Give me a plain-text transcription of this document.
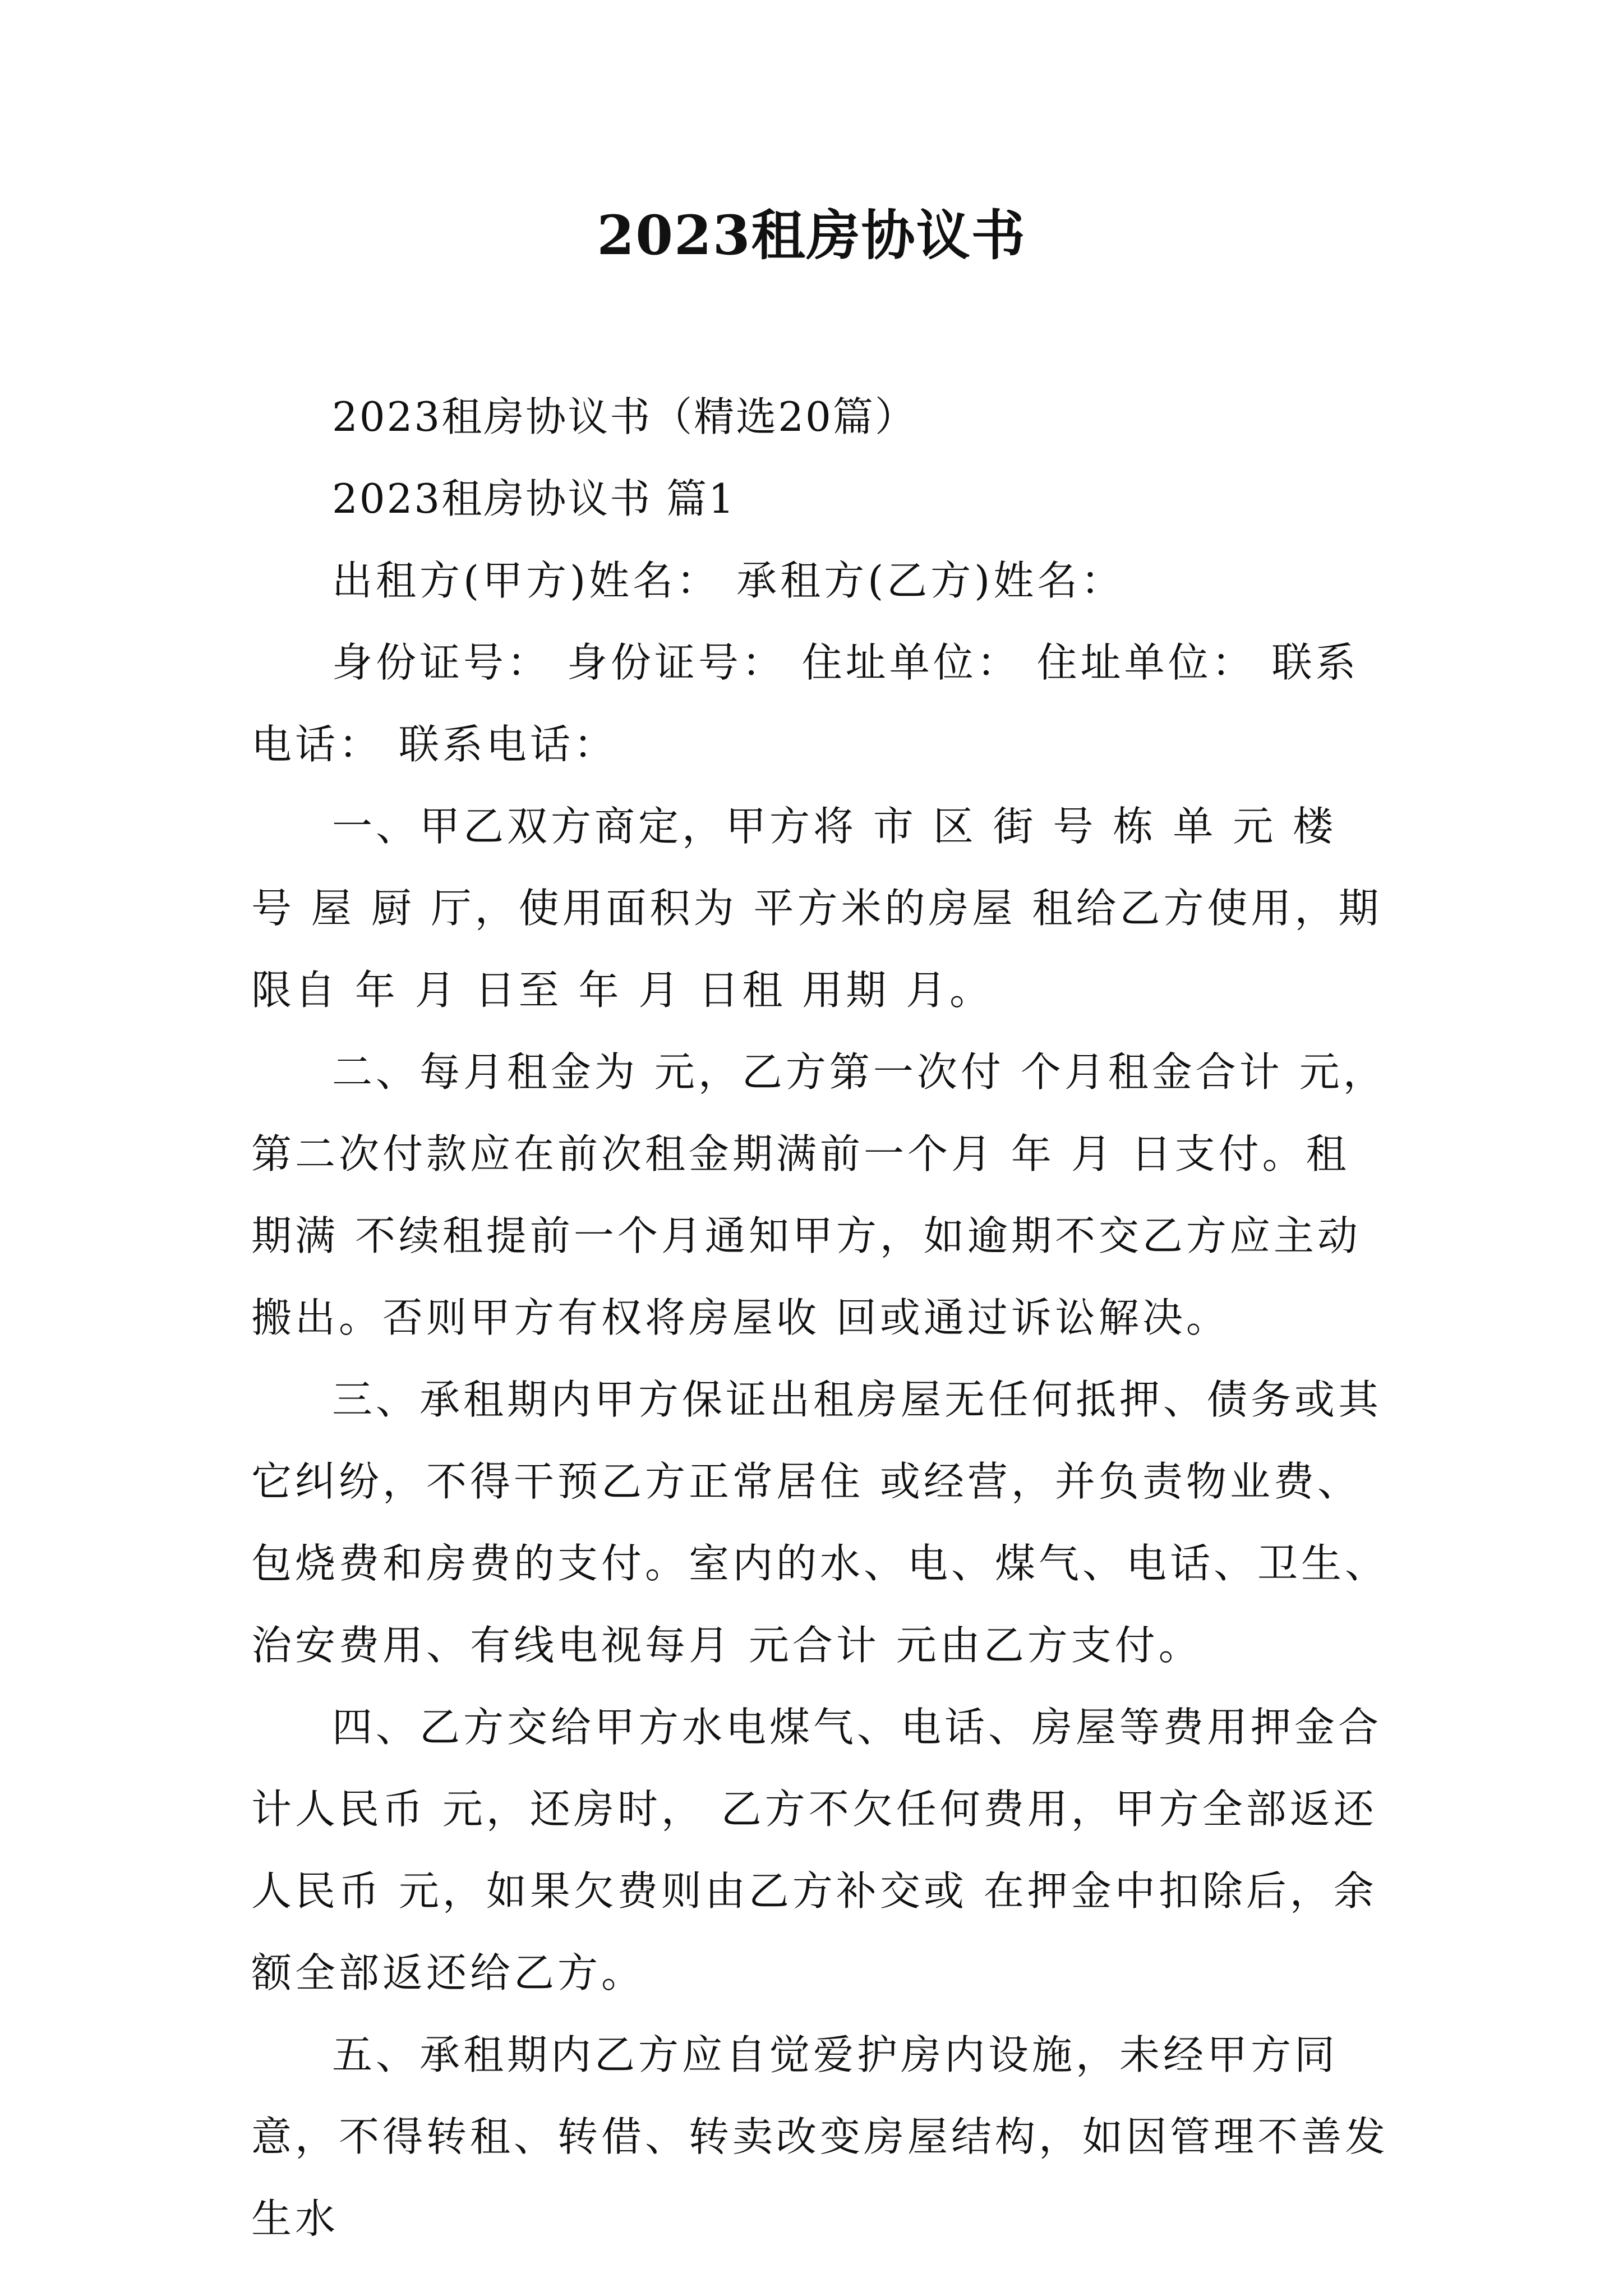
2023租房协议书

2023租房协议书（精选20篇）

2023租房协议书 篇1

出租方(甲方)姓名： 承租方(乙方)姓名：

身份证号： 身份证号： 住址单位： 住址单位： 联系电话： 联系电话：

一、甲乙双方商定，甲方将 市 区 街 号 栋 单 元 楼 号 屋 厨 厅，使用面积为 平方米的房屋 租给乙方使用，期限自 年 月 日至 年 月 日租 用期 月。

二、每月租金为 元，乙方第一次付 个月租金合计 元，第二次付款应在前次租金期满前一个月 年 月 日支付。租期满 不续租提前一个月通知甲方，如逾期不交乙方应主动搬出。否则甲方有权将房屋收 回或通过诉讼解决。

三、承租期内甲方保证出租房屋无任何抵押、债务或其它纠纷，不得干预乙方正常居住 或经营，并负责物业费、包烧费和房费的支付。室内的水、电、煤气、电话、卫生、治安费用、有线电视每月 元合计 元由乙方支付。

四、乙方交给甲方水电煤气、电话、房屋等费用押金合计人民币 元，还房时， 乙方不欠任何费用，甲方全部返还人民币 元，如果欠费则由乙方补交或 在押金中扣除后，余额全部返还给乙方。

五、承租期内乙方应自觉爱护房内设施，未经甲方同意，不得转租、转借、转卖改变房屋结构，如因管理不善发生水
